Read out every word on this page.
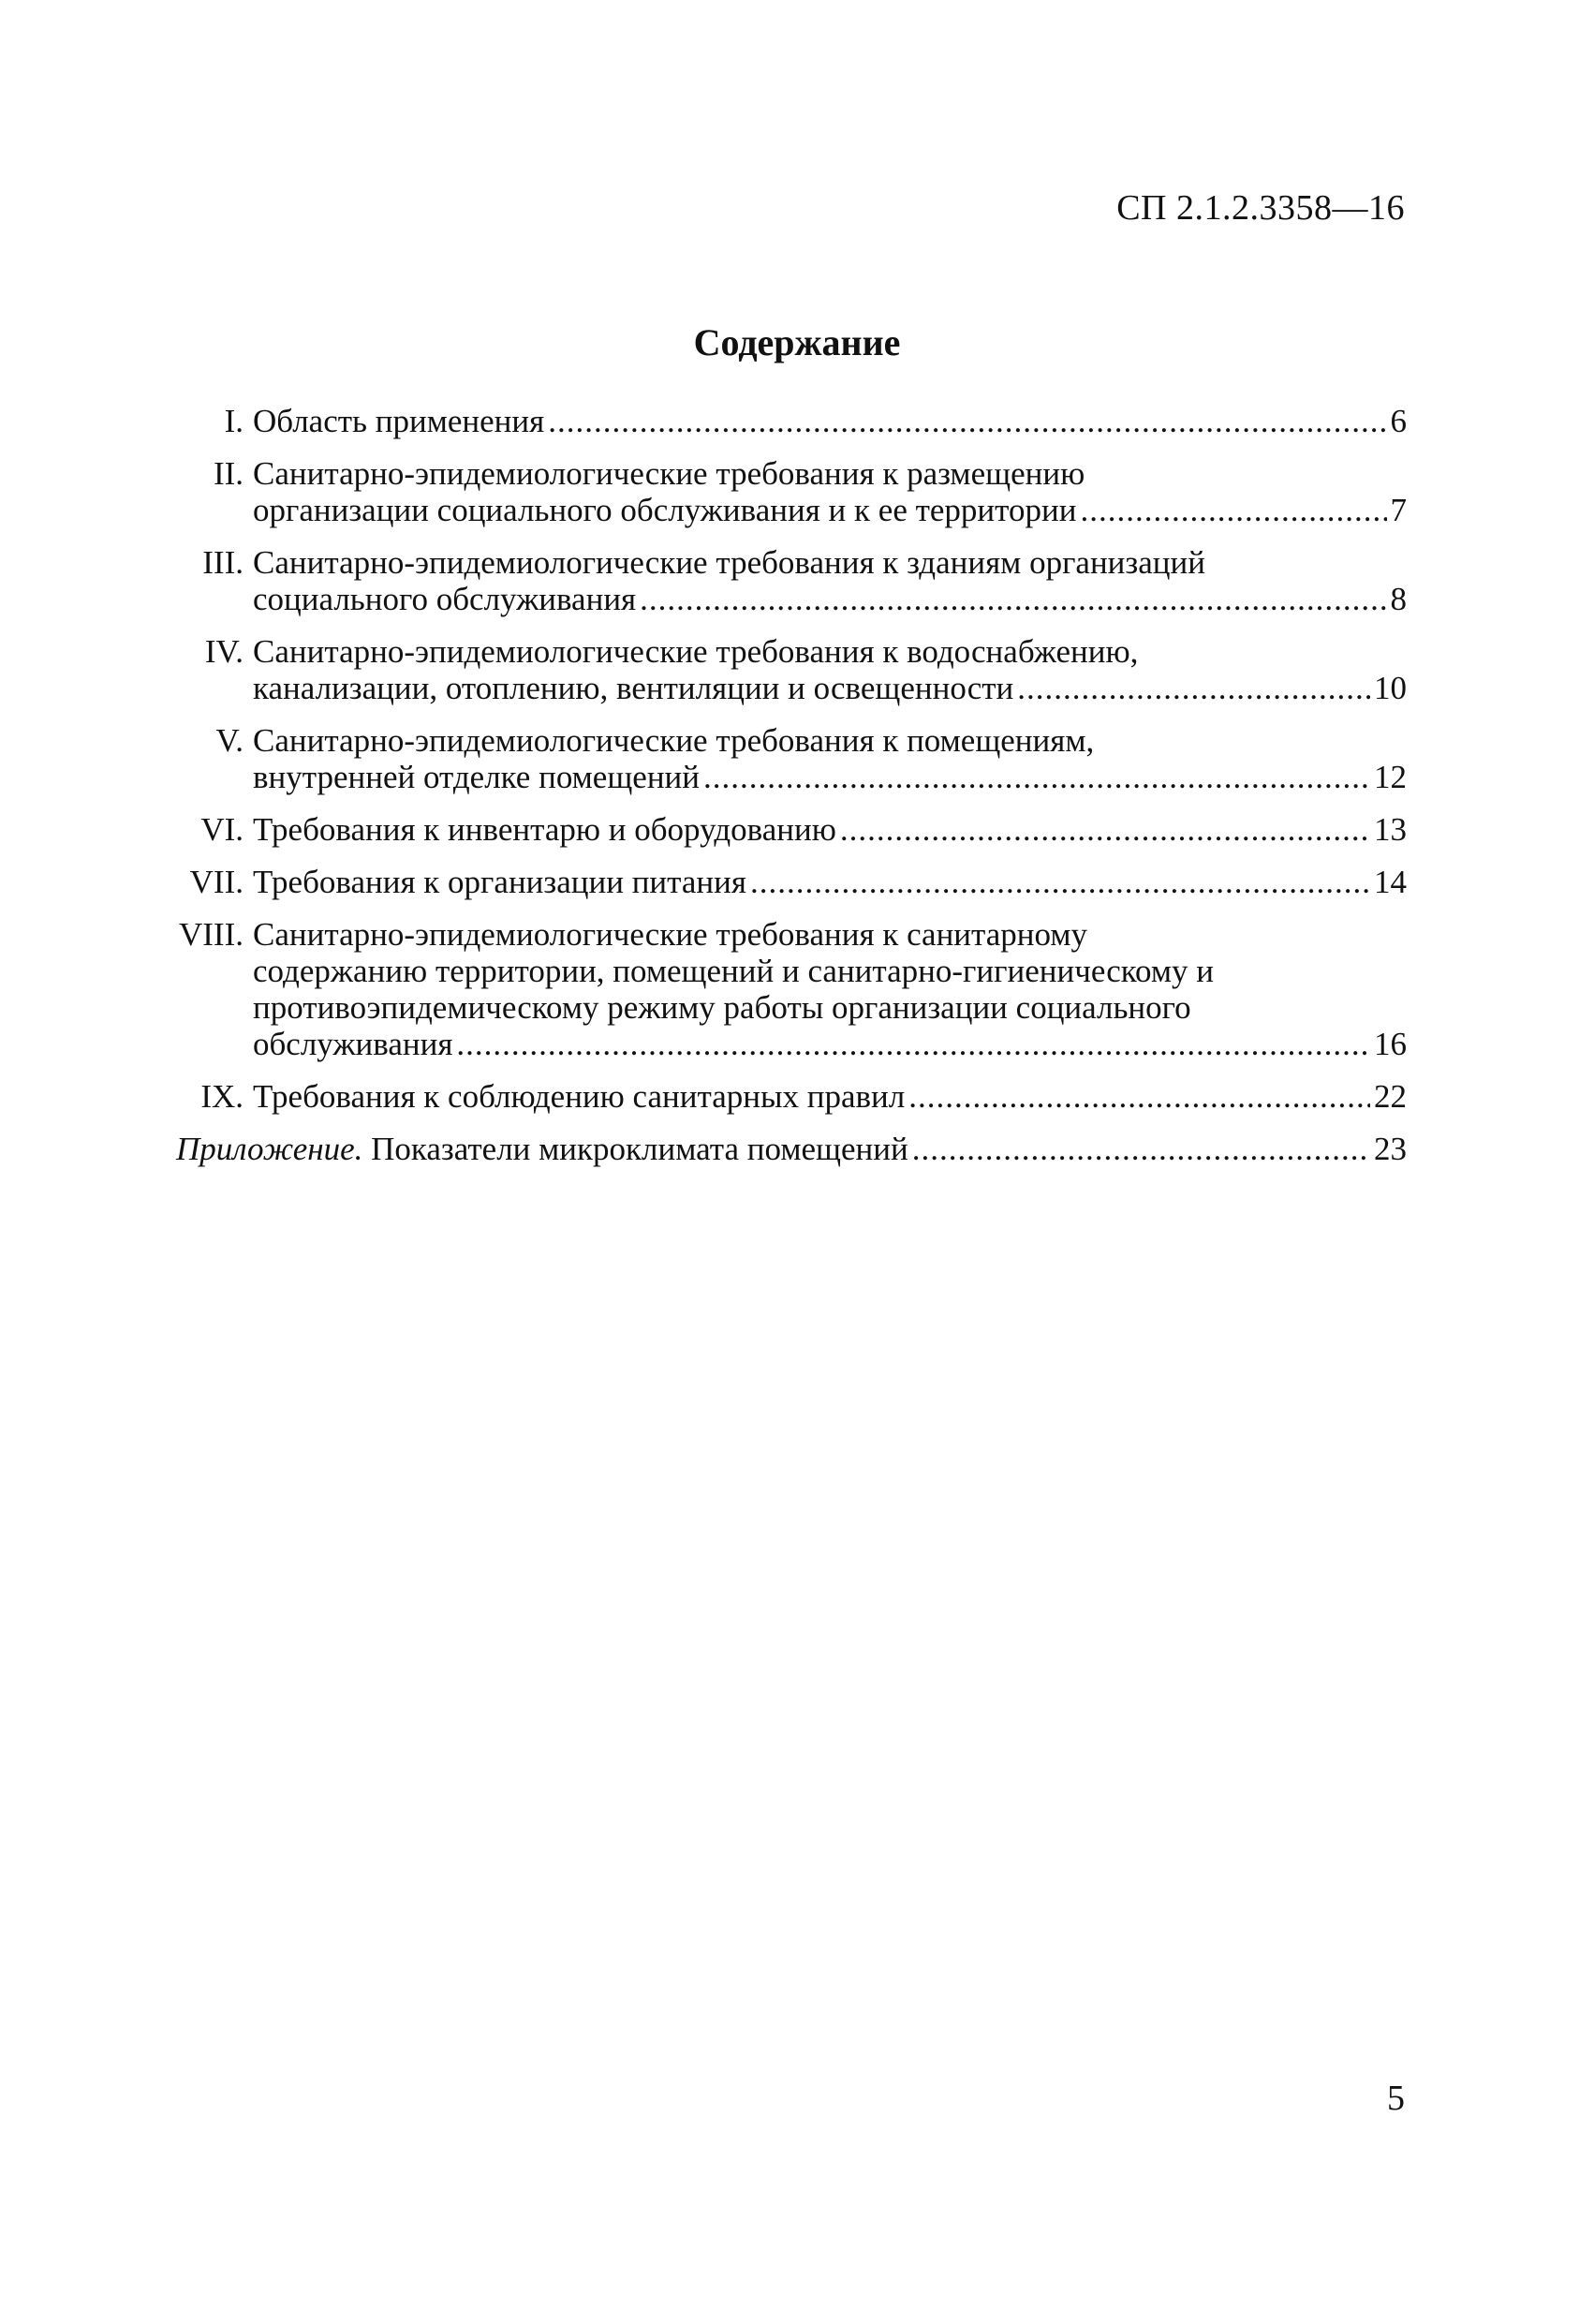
СП 2.1.2.3358—16
Содержание
I. Область применения .....	6
II. Санитарно-эпидемиологические требования к размещению
организации социального обслуживания и к ее территории .....	7
III. Санитарно-эпидемиологические требования к зданиям организаций
социального обслуживания .....	8
IV. Санитарно-эпидемиологические требования к водоснабжению,
канализации, отоплению, вентиляции и освещенности .....	10
V. Санитарно-эпидемиологические требования к помещениям,
внутренней отделке помещений .....	12
VI. Требования к инвентарю и оборудованию .....	13
VII. Требования к организации питания .....	14
VIII. Санитарно-эпидемиологические требования к санитарному
содержанию территории, помещений и санитарно-гигиеническому и
противоэпидемическому режиму работы организации социального
обслуживания .....	16
IX. Требования к соблюдению санитарных правил .....	22
Приложение. Показатели микроклимата помещений .....	23
5
